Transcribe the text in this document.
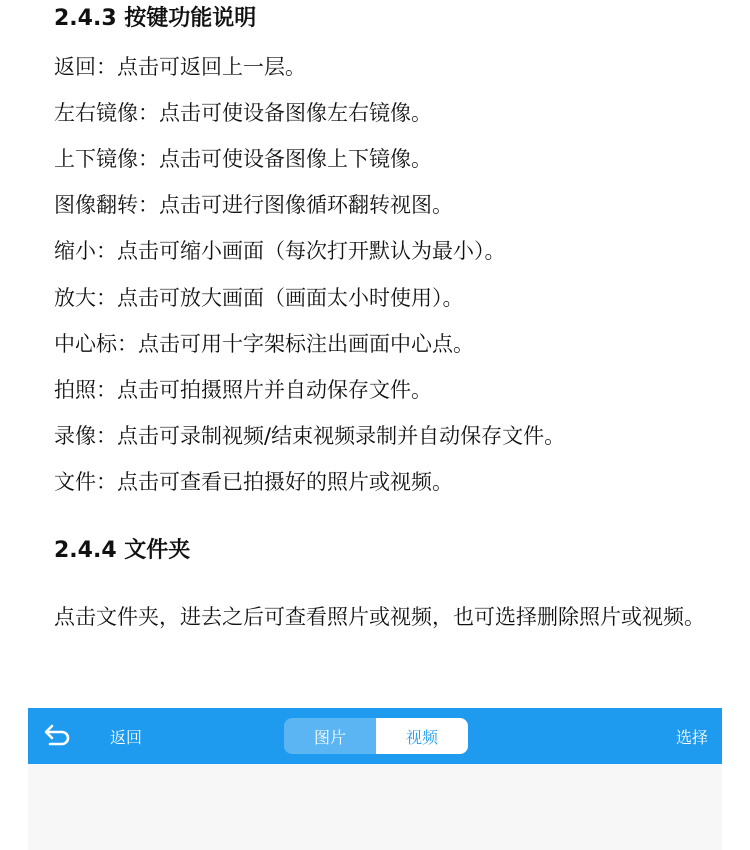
2.4.3 按键功能说明
返回：点击可返回上一层。
左右镜像：点击可使设备图像左右镜像。
上下镜像：点击可使设备图像上下镜像。
图像翻转：点击可进行图像循环翻转视图。
缩小：点击可缩小画面（每次打开默认为最小）。
放大：点击可放大画面（画面太小时使用）。
中心标：点击可用十字架标注出画面中心点。
拍照：点击可拍摄照片并自动保存文件。
录像：点击可录制视频/结束视频录制并自动保存文件。
文件：点击可查看已拍摄好的照片或视频。
2.4.4 文件夹
点击文件夹，进去之后可查看照片或视频，也可选择删除照片或视频。
返回	图片	视频	选择
